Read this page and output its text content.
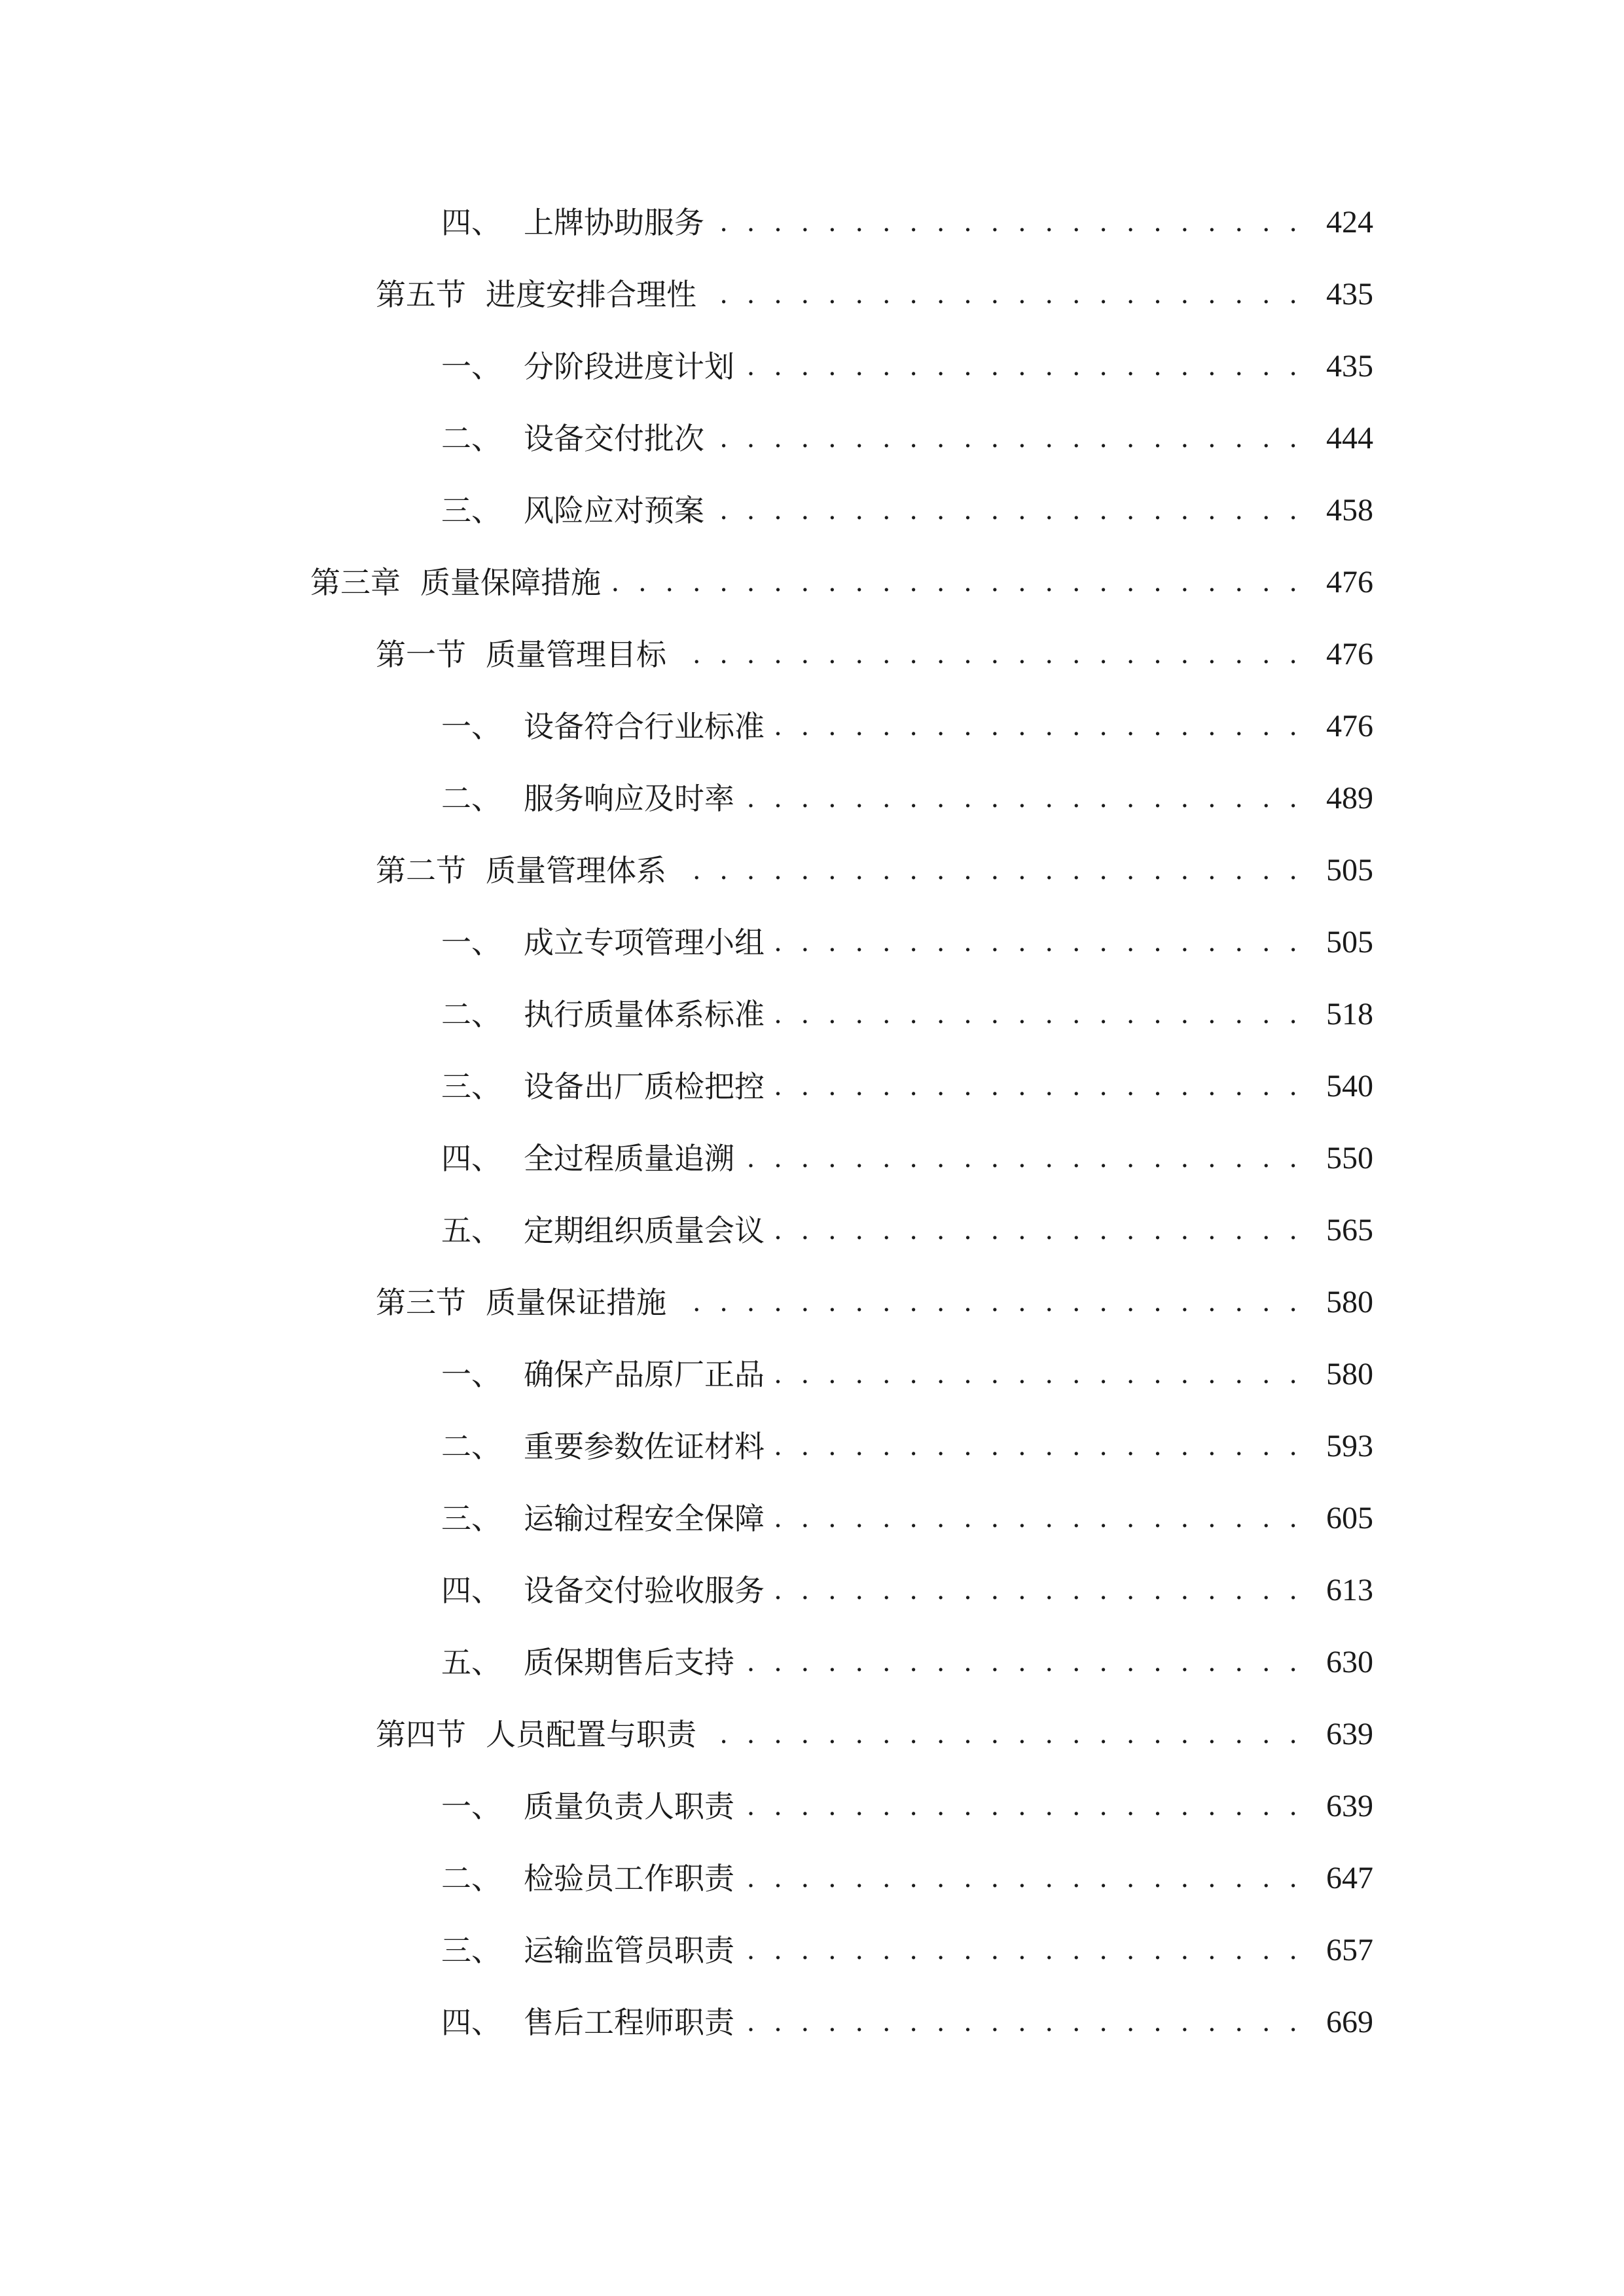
四、 上牌协助服务 . . .	424
第五节 进度安排合理性 . . .	435
一、 分阶段进度计划 . . .	435
二、 设备交付批次 . . .	444
三、 风险应对预案 . . .	458
第三章 质量保障措施 . . .	476
第一节 质量管理目标 . . .	476
一、 设备符合行业标准 . . .	476
二、 服务响应及时率 . . .	489
第二节 质量管理体系 . . .	505
一、 成立专项管理小组 . . .	505
二、 执行质量体系标准 . . .	518
三、 设备出厂质检把控 . . .	540
四、 全过程质量追溯 . . .	550
五、 定期组织质量会议 . . .	565
第三节 质量保证措施 . . .	580
一、 确保产品原厂正品 . . .	580
二、 重要参数佐证材料 . . .	593
三、 运输过程安全保障 . . .	605
四、 设备交付验收服务 . . .	613
五、 质保期售后支持 . . .	630
第四节 人员配置与职责 . . .	639
一、 质量负责人职责 . . .	639
二、 检验员工作职责 . . .	647
三、 运输监管员职责 . . .	657
四、 售后工程师职责 . . .	669
